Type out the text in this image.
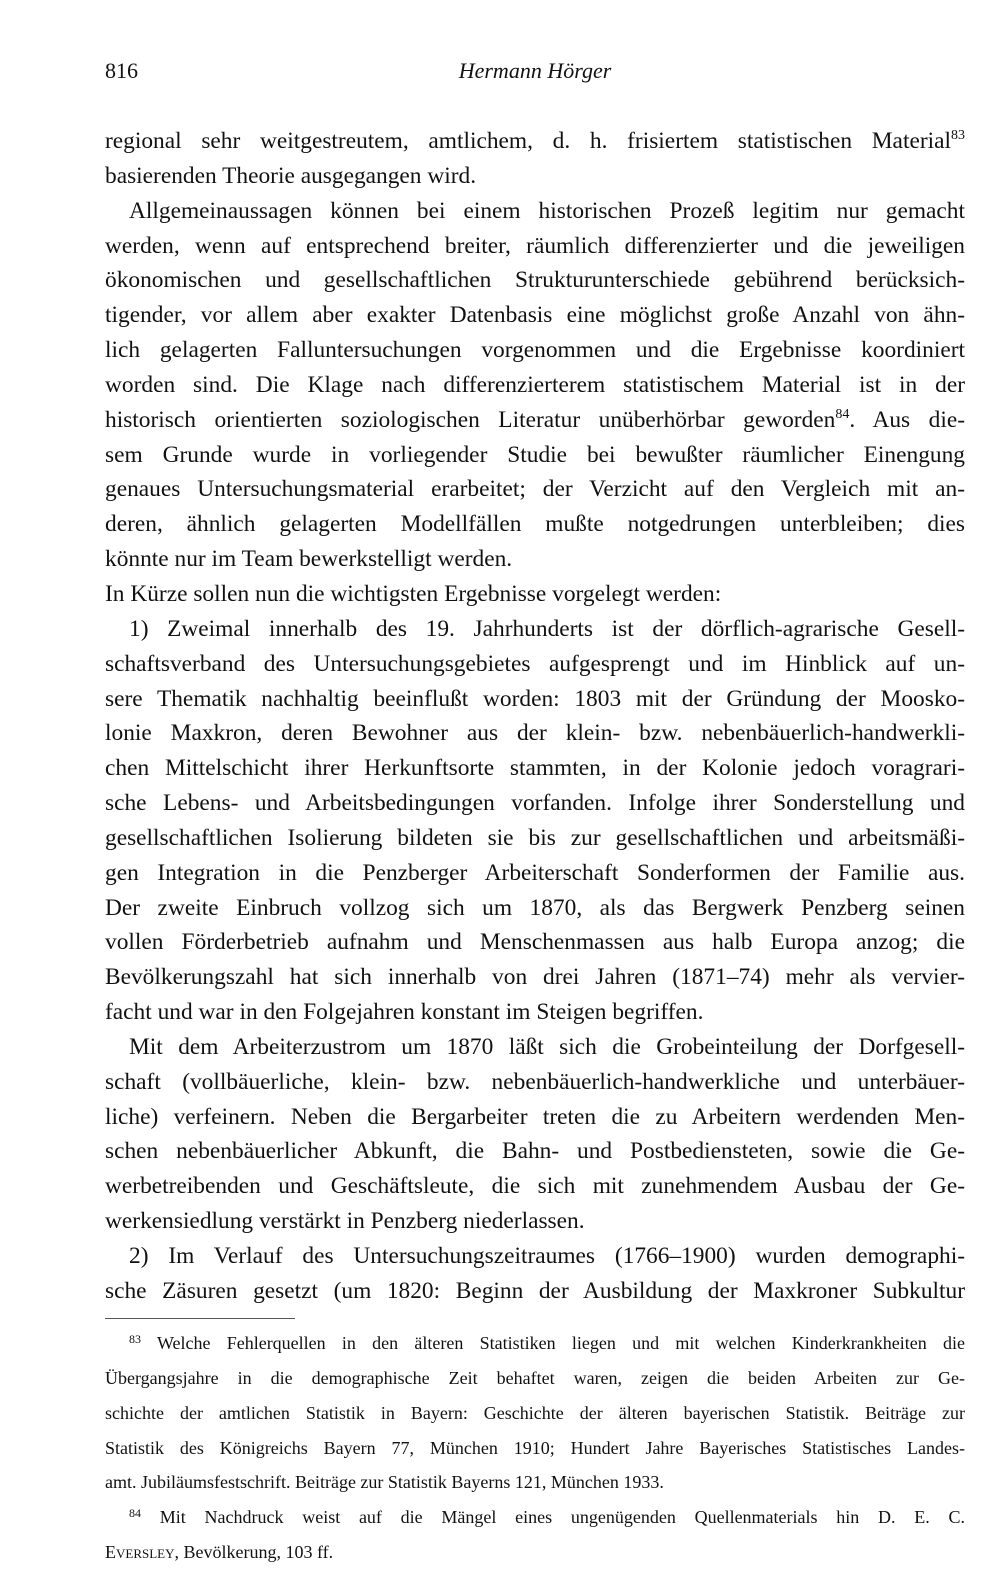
816	Hermann Hörger
regional sehr weitgestreutem, amtlichem, d. h. frisiertem statistischen Material$^{83}$
basierenden Theorie ausgegangen wird.
Allgemeinaussagen können bei einem historischen Prozeß legitim nur gemacht
werden, wenn auf entsprechend breiter, räumlich differenzierter und die jeweiligen
ökonomischen und gesellschaftlichen Strukturunterschiede gebührend berücksich-
tigender, vor allem aber exakter Datenbasis eine möglichst große Anzahl von ähn-
lich gelagerten Falluntersuchungen vorgenommen und die Ergebnisse koordiniert
worden sind. Die Klage nach differenzierterem statistischem Material ist in der
historisch orientierten soziologischen Literatur unüberhörbar geworden$^{84}$. Aus die-
sem Grunde wurde in vorliegender Studie bei bewußter räumlicher Einengung
genaues Untersuchungsmaterial erarbeitet; der Verzicht auf den Vergleich mit an-
deren, ähnlich gelagerten Modellfällen mußte notgedrungen unterbleiben; dies
könnte nur im Team bewerkstelligt werden.
In Kürze sollen nun die wichtigsten Ergebnisse vorgelegt werden:
1) Zweimal innerhalb des 19. Jahrhunderts ist der dörflich-agrarische Gesell-
schaftsverband des Untersuchungsgebietes aufgesprengt und im Hinblick auf un-
sere Thematik nachhaltig beeinflußt worden: 1803 mit der Gründung der Moosko-
lonie Maxkron, deren Bewohner aus der klein- bzw. nebenbäuerlich-handwerkli-
chen Mittelschicht ihrer Herkunftsorte stammten, in der Kolonie jedoch voragrari-
sche Lebens- und Arbeitsbedingungen vorfanden. Infolge ihrer Sonderstellung und
gesellschaftlichen Isolierung bildeten sie bis zur gesellschaftlichen und arbeitsmäßi-
gen Integration in die Penzberger Arbeiterschaft Sonderformen der Familie aus.
Der zweite Einbruch vollzog sich um 1870, als das Bergwerk Penzberg seinen
vollen Förderbetrieb aufnahm und Menschenmassen aus halb Europa anzog; die
Bevölkerungszahl hat sich innerhalb von drei Jahren (1871–74) mehr als vervier-
facht und war in den Folgejahren konstant im Steigen begriffen.
Mit dem Arbeiterzustrom um 1870 läßt sich die Grobeinteilung der Dorfgesell-
schaft (vollbäuerliche, klein- bzw. nebenbäuerlich-handwerkliche und unterbäuer-
liche) verfeinern. Neben die Bergarbeiter treten die zu Arbeitern werdenden Men-
schen nebenbäuerlicher Abkunft, die Bahn- und Postbediensteten, sowie die Ge-
werbetreibenden und Geschäftsleute, die sich mit zunehmendem Ausbau der Ge-
werkensiedlung verstärkt in Penzberg niederlassen.
2) Im Verlauf des Untersuchungszeitraumes (1766–1900) wurden demographi-
sche Zäsuren gesetzt (um 1820: Beginn der Ausbildung der Maxkroner Subkultur
$^{83}$ Welche Fehlerquellen in den älteren Statistiken liegen und mit welchen Kinderkrankheiten die
Übergangsjahre in die demographische Zeit behaftet waren, zeigen die beiden Arbeiten zur Ge-
schichte der amtlichen Statistik in Bayern: Geschichte der älteren bayerischen Statistik. Beiträge zur
Statistik des Königreichs Bayern 77, München 1910; Hundert Jahre Bayerisches Statistisches Landes-
amt. Jubiläumsfestschrift. Beiträge zur Statistik Bayerns 121, München 1933.
$^{84}$ Mit Nachdruck weist auf die Mängel eines ungenügenden Quellenmaterials hin D. E. C.
Eversley, Bevölkerung, 103 ff.
